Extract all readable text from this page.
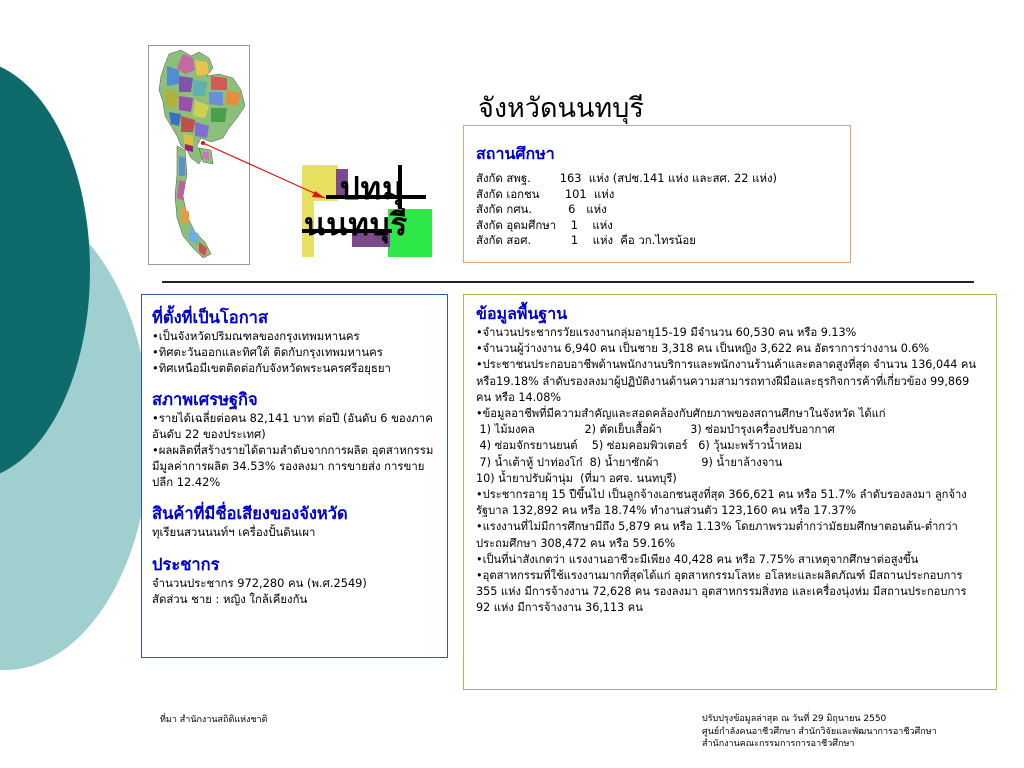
ปทมุ
นนทบุรี
จังหวัดนนทบุรี
สถานศึกษา
สังกัด สพฐ.        163  แห่ง (สปช.141 แห่ง และสศ. 22 แห่ง)
สังกัด เอกชน       101  แห่ง
สังกัด กศน.          6   แห่ง
สังกัด อุดมศึกษา    1    แห่ง
สังกัด สอศ.           1    แห่ง  คือ วก.ไทรน้อย
ที่ตั้งที่เป็นโอกาส
•เป็นจังหวัดปริมณฑลของกรุงเทพมหานคร
•ทิศตะวันออกและทิศใต้ ติดกับกรุงเทพมหานคร
•ทิศเหนือมีเขตติดต่อกับจังหวัดพระนครศรีอยุธยา
สภาพเศรษฐกิจ
•รายได้เฉลี่ยต่อคน 82,141 บาท ต่อปี (อันดับ 6 ของภาค อันดับ 22 ของประเทศ)
•ผลผลิตที่สร้างรายได้ตามลำดับจากการผลิต อุตสาหกรรม มีมูลค่าการผลิต 34.53% รองลงมา การขายส่ง การขายปลีก 12.42%
สินค้าที่มีชื่อเสียงของจังหวัด
ทุเรียนสวนนนท์ฯ เครื่องปั้นดินเผา
ประชากร
จำนวนประชากร 972,280 คน (พ.ศ.2549)
สัดส่วน ชาย : หญิง ใกล้เคียงกัน
ข้อมูลพื้นฐาน
•จำนวนประชากรวัยแรงงานกลุ่มอายุ15-19 มีจำนวน 60,530 คน หรือ 9.13%
•จำนวนผู้ว่างงาน 6,940 คน เป็นชาย 3,318 คน เป็นหญิง 3,622 คน อัตราการว่างงาน 0.6%
•ประชาชนประกอบอาชีพด้านพนักงานบริการและพนักงานร้านค้าและตลาดสูงที่สุด จำนวน 136,044 คน หรือ19.18% ลำดับรองลงมาผู้ปฏิบัติงานด้านความสามารถทางฝีมือและธุรกิจการค้าที่เกี่ยวข้อง 99,869 คน หรือ 14.08%
•ข้อมูลอาชีพที่มีความสำคัญและสอดคล้องกับศักยภาพของสถานศึกษาในจังหวัด ได้แก่
1) ไม้มงคล              2) ตัดเย็บเสื้อผ้า        3) ซ่อมบำรุงเครื่องปรับอากาศ
4) ซ่อมจักรยานยนต์    5) ซ่อมคอมพิวเตอร์   6) วุ้นมะพร้าวน้ำหอม
7) น้ำเต้าหู้ ปาท่องโก๋  8) น้ำยาซักผ้า            9) น้ำยาล้างจาน
10) น้ำยาปรับผ้านุ่ม  (ที่มา อศจ. นนทบุรี)
•ประชากรอายุ 15 ปีขึ้นไป เป็นลูกจ้างเอกชนสูงที่สุด 366,621 คน หรือ 51.7% ลำดับรองลงมา ลูกจ้างรัฐบาล 132,892 คน หรือ 18.74% ทำงานส่วนตัว 123,160 คน หรือ 17.37%
•แรงงานที่ไม่มีการศึกษามีถึง 5,879 คน หรือ 1.13% โดยภาพรวมต่ำกว่ามัธยมศึกษาตอนต้น-ต่ำกว่าประถมศึกษา 308,472 คน หรือ 59.16%
•เป็นที่น่าสังเกตว่า แรงงานอาชีวะมีเพียง 40,428 คน หรือ 7.75% สาเหตุจากศึกษาต่อสูงขึ้น
•อุตสาหกรรมที่ใช้แรงงานมากที่สุดได้แก่ อุตสาหกรรมโลหะ อโลหะและผลิตภัณฑ์ มีสถานประกอบการ 355 แห่ง มีการจ้างงาน 72,628 คน รองลงมา อุตสาหกรรมสิ่งทอ และเครื่องนุ่งห่ม มีสถานประกอบการ 92 แห่ง มีการจ้างงาน 36,113 คน
ที่มา สำนักงานสถิติแห่งชาติ	ปรับปรุงข้อมูลล่าสุด ณ วันที่ 29 มิถุนายน 2550
ศูนย์กำลังคนอาชีวศึกษา สำนักวิจัยและพัฒนาการอาชีวศึกษา
สำนักงานคณะกรรมการการอาชีวศึกษา
